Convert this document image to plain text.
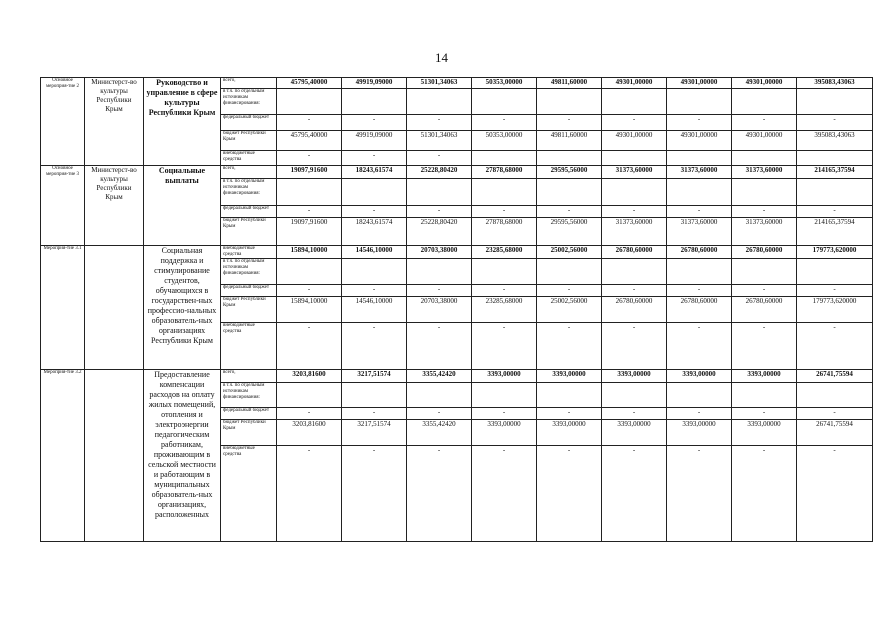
14
Основное мероприя-тие 2	Министерст-во культуры Республики Крым	Руководство и управление в сфере культуры Республики Крым	всего,	45795,40000	49919,09000	51301,34063	50353,00000	49811,60000	49301,00000	49301,00000	49301,00000	395083,43063
			в т.ч. по отдельным источникам финансирования:									
			федеральный бюджет	-	-	-	-	-	-	-	-	-
			бюджет Республики Крым	45795,40000	49919,09000	51301,34063	50353,00000	49811,60000	49301,00000	49301,00000	49301,00000	395083,43063
			внебюджетные средства	-	-	-						
Основное мероприя-тие 3	Министерст-во культуры Республики Крым	Социальные выплаты	всего,	19097,91600	18243,61574	25228,80420	27878,68000	29595,56000	31373,60000	31373,60000	31373,60000	214165,37594
			в т.ч. по отдельным источникам финансирования:									
			федеральный бюджет	-	-	-	-	-	-	-	-	-
			бюджет Республики Крым	19097,91600	18243,61574	25228,80420	27878,68000	29595,56000	31373,60000	31373,60000	31373,60000	214165,37594
Мероприя-тие 3.1		Социальная поддержка и стимулирование студентов, обучающихся в государствен-ных профессио-нальных образователь-ных организациях Республики Крым	внебюджетные средства	15894,10000	14546,10000	20703,38000	23285,68000	25002,56000	26780,60000	26780,60000	26780,60000	179773,620000
			в т.ч. по отдельным источникам финансирования:									
			федеральный бюджет	-	-	-	-	-	-	-	-	-
			бюджет Республики Крым	15894,10000	14546,10000	20703,38000	23285,68000	25002,56000	26780,60000	26780,60000	26780,60000	179773,620000
			внебюджетные средства	-	-	-	-	-	-	-	-	-
Мероприя-тие 3.2		Предоставление компенсации расходов на оплату жилых помещений, отопления и электроэнергии педагогическим работникам, проживающим в сельской местности и работающим в муниципальных образователь-ных организациях, расположенных	всего,	3203,81600	3217,51574	3355,42420	3393,00000	3393,00000	3393,00000	3393,00000	3393,00000	26741,75594
			в т.ч. по отдельным источникам финансирования:									
			федеральный бюджет	-	-	-	-	-	-	-	-	-
			бюджет Республики Крым	3203,81600	3217,51574	3355,42420	3393,00000	3393,00000	3393,00000	3393,00000	3393,00000	26741,75594
			внебюджетные средства	-	-	-	-	-	-	-	-	-
